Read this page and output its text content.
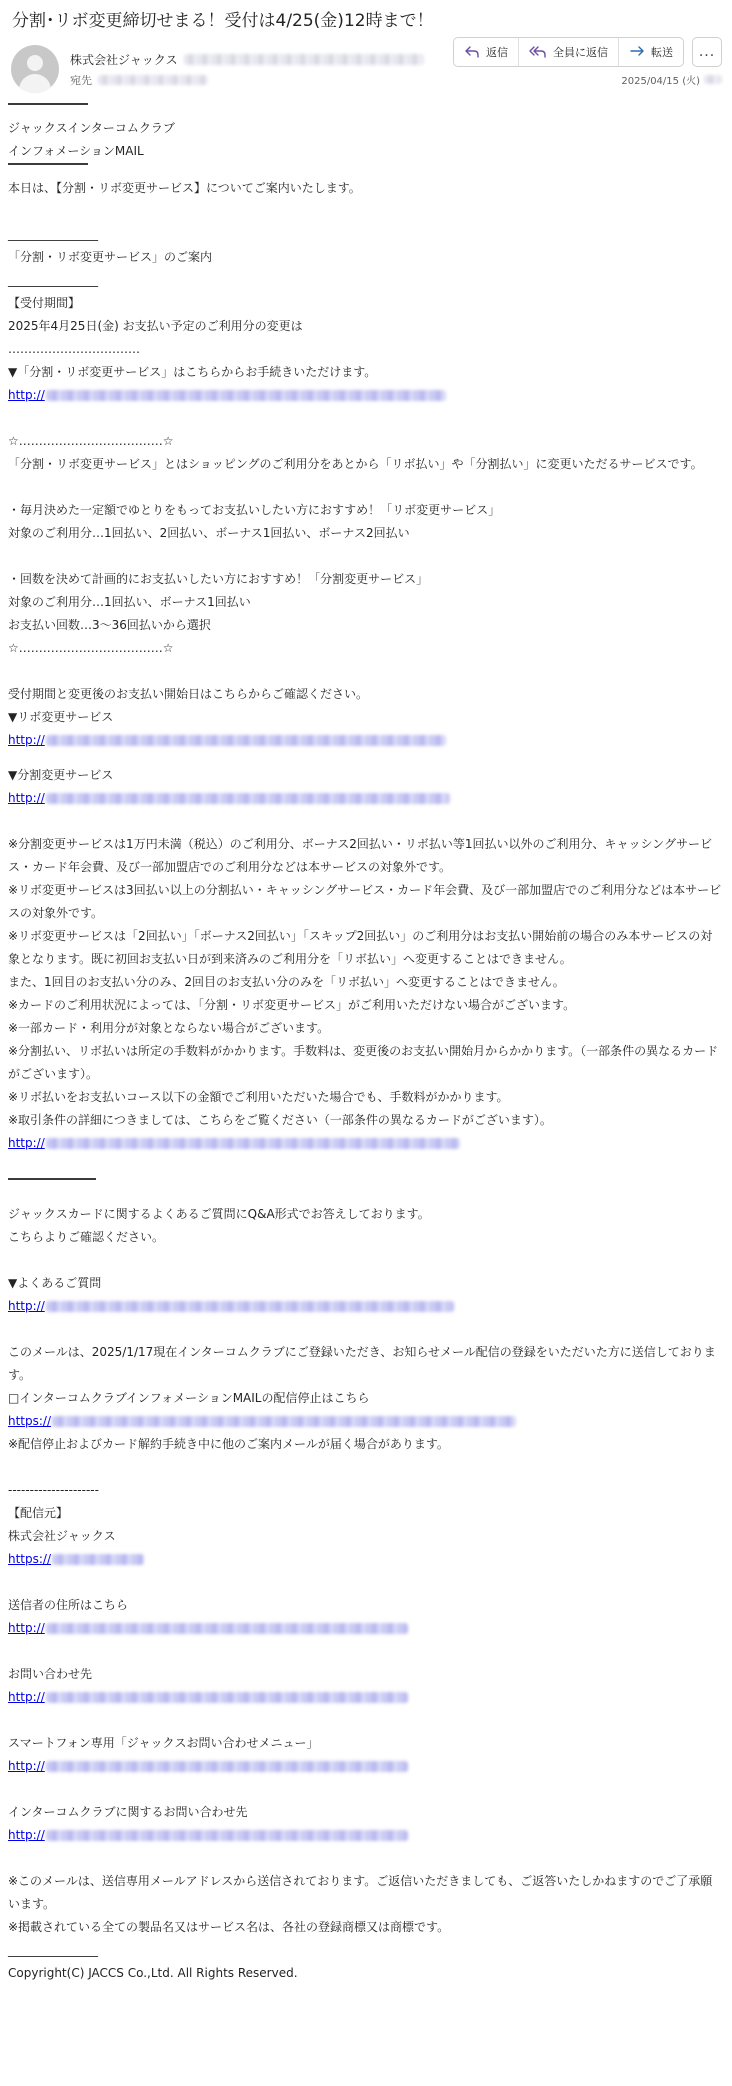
分割･リボ変更締切せまる！受付は4/25(金)12時まで！
株式会社ジャックス
宛先
返信	全員に返信	転送	...
2025/04/15 (火)

ジャックスインターコムクラブ

インフォメーションMAIL

本日は、【分割・リボ変更サービス】についてご案内いたします。

_______________

「分割・リボ変更サービス」のご案内

_______________

【受付期間】

2025年4月25日(金) お支払い予定のご利用分の変更は

……………………………

▼「分割・リボ変更サービス」はこちらからお手続きいただけます。

http://

☆………………………………☆

「分割・リボ変更サービス」とはショッピングのご利用分をあとから「リボ払い」や「分割払い」に変更いただるサービスです。

・毎月決めた一定額でゆとりをもってお支払いしたい方におすすめ！「リボ変更サービス」

対象のご利用分…1回払い、2回払い、ボーナス1回払い、ボーナス2回払い

・回数を決めて計画的にお支払いしたい方におすすめ！「分割変更サービス」

対象のご利用分…1回払い、ボーナス1回払い

お支払い回数…3～36回払いから選択

☆………………………………☆

受付期間と変更後のお支払い開始日はこちらからご確認ください。

▼リボ変更サービス

http://

▼分割変更サービス

http://

※分割変更サービスは1万円未満（税込）のご利用分、ボーナス2回払い・リボ払い等1回払い以外のご利用分、キャッシングサービス・カード年会費、及び一部加盟店でのご利用分などは本サービスの対象外です。

※リボ変更サービスは3回払い以上の分割払い・キャッシングサービス・カード年会費、及び一部加盟店でのご利用分などは本サービスの対象外です。

※リボ変更サービスは「2回払い」「ボーナス2回払い」「スキップ2回払い」のご利用分はお支払い開始前の場合のみ本サービスの対象となります。既に初回お支払い日が到来済みのご利用分を「リボ払い」へ変更することはできません。

また、1回目のお支払い分のみ、2回目のお支払い分のみを「リボ払い」へ変更することはできません。

※カードのご利用状況によっては、「分割・リボ変更サービス」がご利用いただけない場合がございます。

※一部カード・利用分が対象とならない場合がございます。

※分割払い、リボ払いは所定の手数料がかかります。手数料は、変更後のお支払い開始月からかかります。（一部条件の異なるカードがございます）。

※リボ払いをお支払いコース以下の金額でご利用いただいた場合でも、手数料がかかります。

※取引条件の詳細につきましては、こちらをご覧ください（一部条件の異なるカードがございます）。

http://

ジャックスカードに関するよくあるご質問にQ&A形式でお答えしております。

こちらよりご確認ください。

▼よくあるご質問

http://

このメールは、2025/1/17現在インターコムクラブにご登録いただき、お知らせメール配信の登録をいただいた方に送信しております。

□インターコムクラブインフォメーションMAILの配信停止はこちら

https://

※配信停止およびカード解約手続き中に他のご案内メールが届く場合があります。

---------------------

【配信元】

株式会社ジャックス

https://

送信者の住所はこちら

http://

お問い合わせ先

http://

スマートフォン専用「ジャックスお問い合わせメニュー」

http://

インターコムクラブに関するお問い合わせ先

http://

※このメールは、送信専用メールアドレスから送信されております。ご返信いただきましても、ご返答いたしかねますのでご了承願います。

※掲載されている全ての製品名又はサービス名は、各社の登録商標又は商標です。

_______________

Copyright(C) JACCS Co.,Ltd. All Rights Reserved.
